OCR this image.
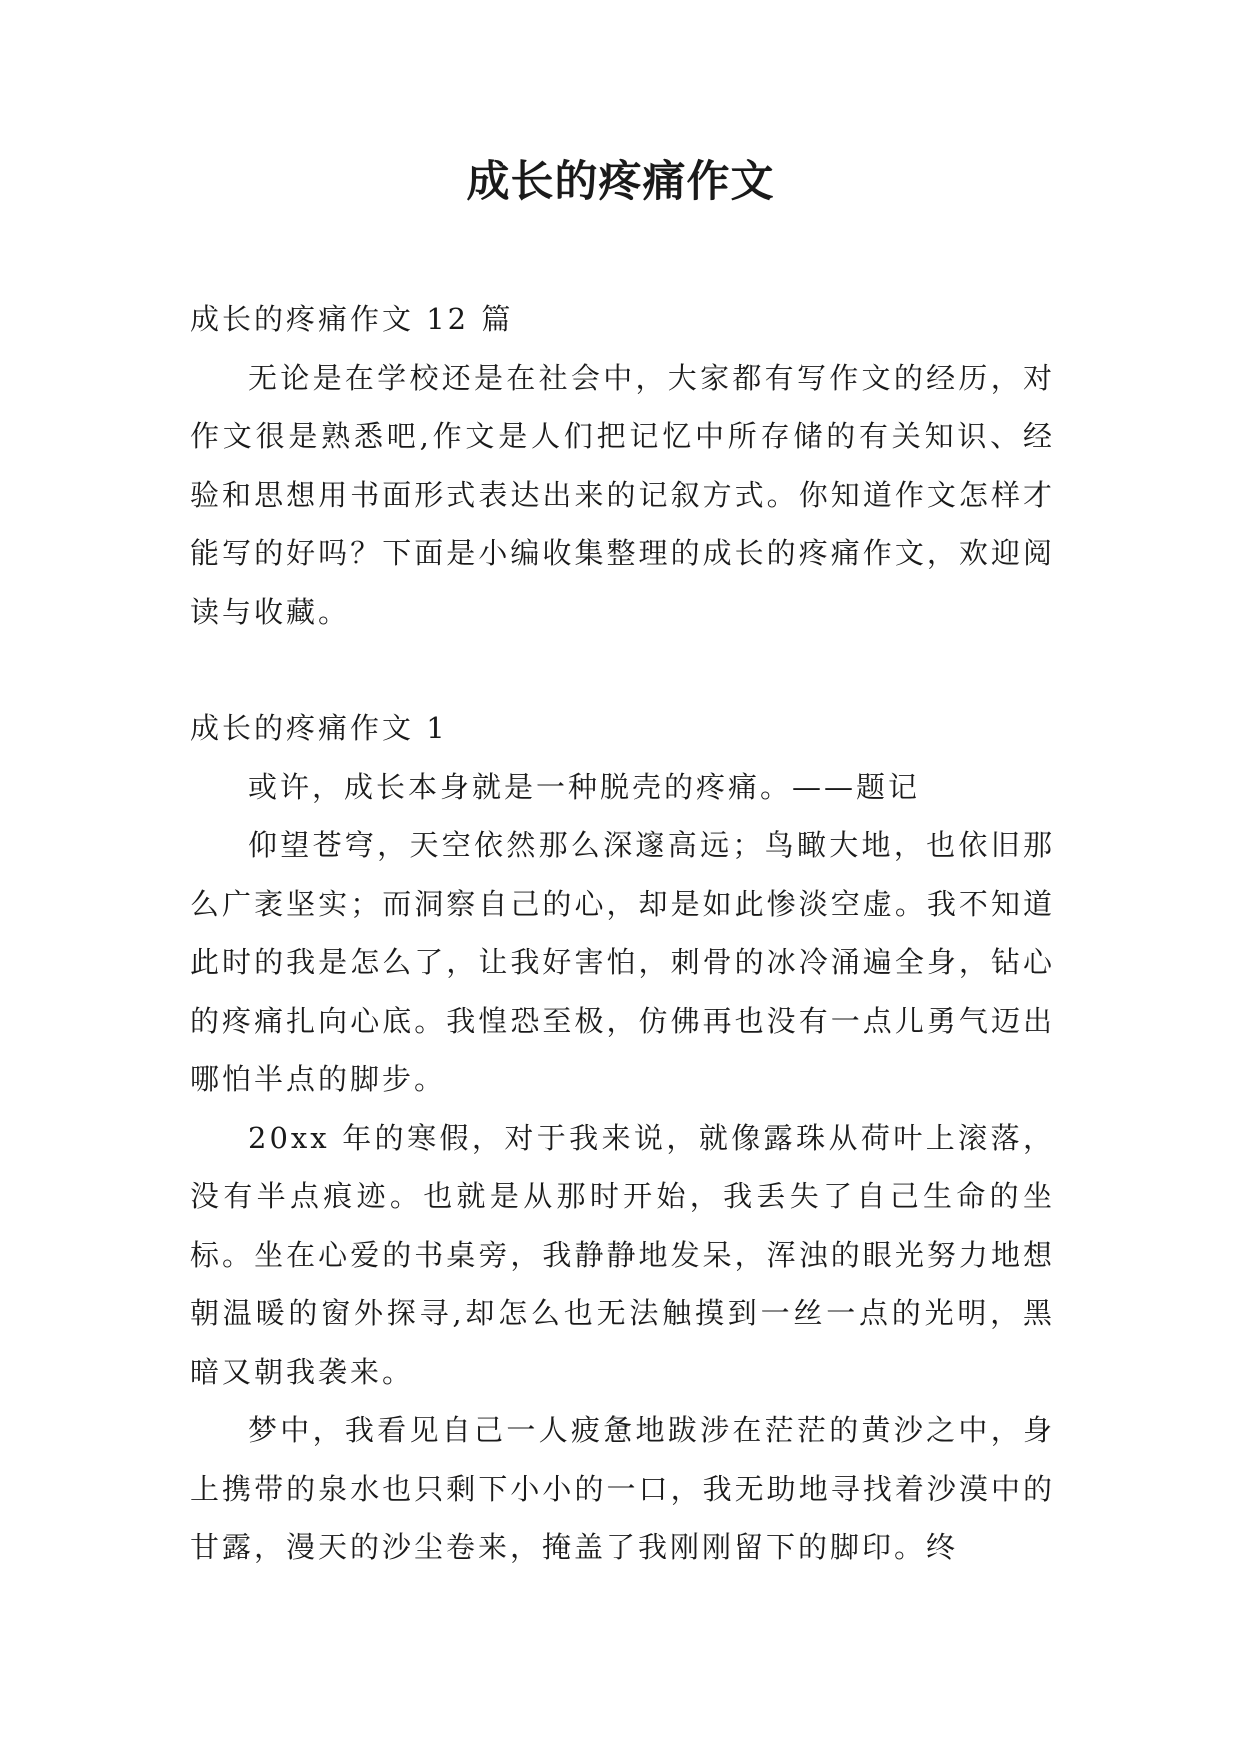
成长的疼痛作文

成长的疼痛作文 12 篇

无论是在学校还是在社会中，大家都有写作文的经历，对作文很是熟悉吧,作文是人们把记忆中所存储的有关知识、经验和思想用书面形式表达出来的记叙方式。你知道作文怎样才能写的好吗？下面是小编收集整理的成长的疼痛作文，欢迎阅读与收藏。

成长的疼痛作文 1

或许，成长本身就是一种脱壳的疼痛。——题记

仰望苍穹，天空依然那么深邃高远；鸟瞰大地，也依旧那么广袤坚实；而洞察自己的心，却是如此惨淡空虚。我不知道此时的我是怎么了，让我好害怕，刺骨的冰冷涌遍全身，钻心的疼痛扎向心底。我惶恐至极，仿佛再也没有一点儿勇气迈出哪怕半点的脚步。

20xx 年的寒假，对于我来说，就像露珠从荷叶上滚落，没有半点痕迹。也就是从那时开始，我丢失了自己生命的坐标。坐在心爱的书桌旁，我静静地发呆，浑浊的眼光努力地想朝温暖的窗外探寻,却怎么也无法触摸到一丝一点的光明，黑暗又朝我袭来。

梦中，我看见自己一人疲惫地跋涉在茫茫的黄沙之中，身上携带的泉水也只剩下小小的一口，我无助地寻找着沙漠中的甘露，漫天的沙尘卷来，掩盖了我刚刚留下的脚印。终
